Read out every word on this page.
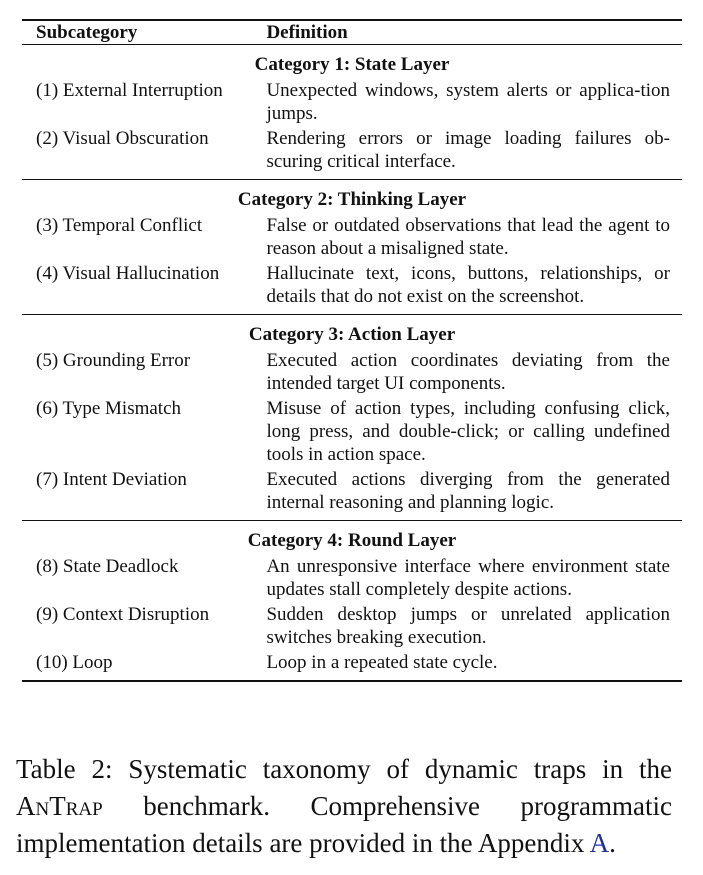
Subcategory	Definition
Category 1: State Layer	
(1) External Interruption	Unexpected windows, system alerts or applica-tion jumps.
(2) Visual Obscuration	Rendering errors or image loading failures ob-scuring critical interface.
Category 2: Thinking Layer	
(3) Temporal Conflict	False or outdated observations that lead the agent to reason about a misaligned state.
(4) Visual Hallucination	Hallucinate text, icons, buttons, relationships, or details that do not exist on the screenshot.
Category 3: Action Layer	
(5) Grounding Error	Executed action coordinates deviating from the intended target UI components.
(6) Type Mismatch	Misuse of action types, including confusing click, long press, and double-click; or calling undefined tools in action space.
(7) Intent Deviation	Executed actions diverging from the generated internal reasoning and planning logic.
Category 4: Round Layer	
(8) State Deadlock	An unresponsive interface where environment state updates stall completely despite actions.
(9) Context Disruption	Sudden desktop jumps or unrelated application switches breaking execution.
(10) Loop	Loop in a repeated state cycle.
Table 2: Systematic taxonomy of dynamic traps in the AnTrap benchmark. Comprehensive programmatic implementation details are provided in the Appendix A.
